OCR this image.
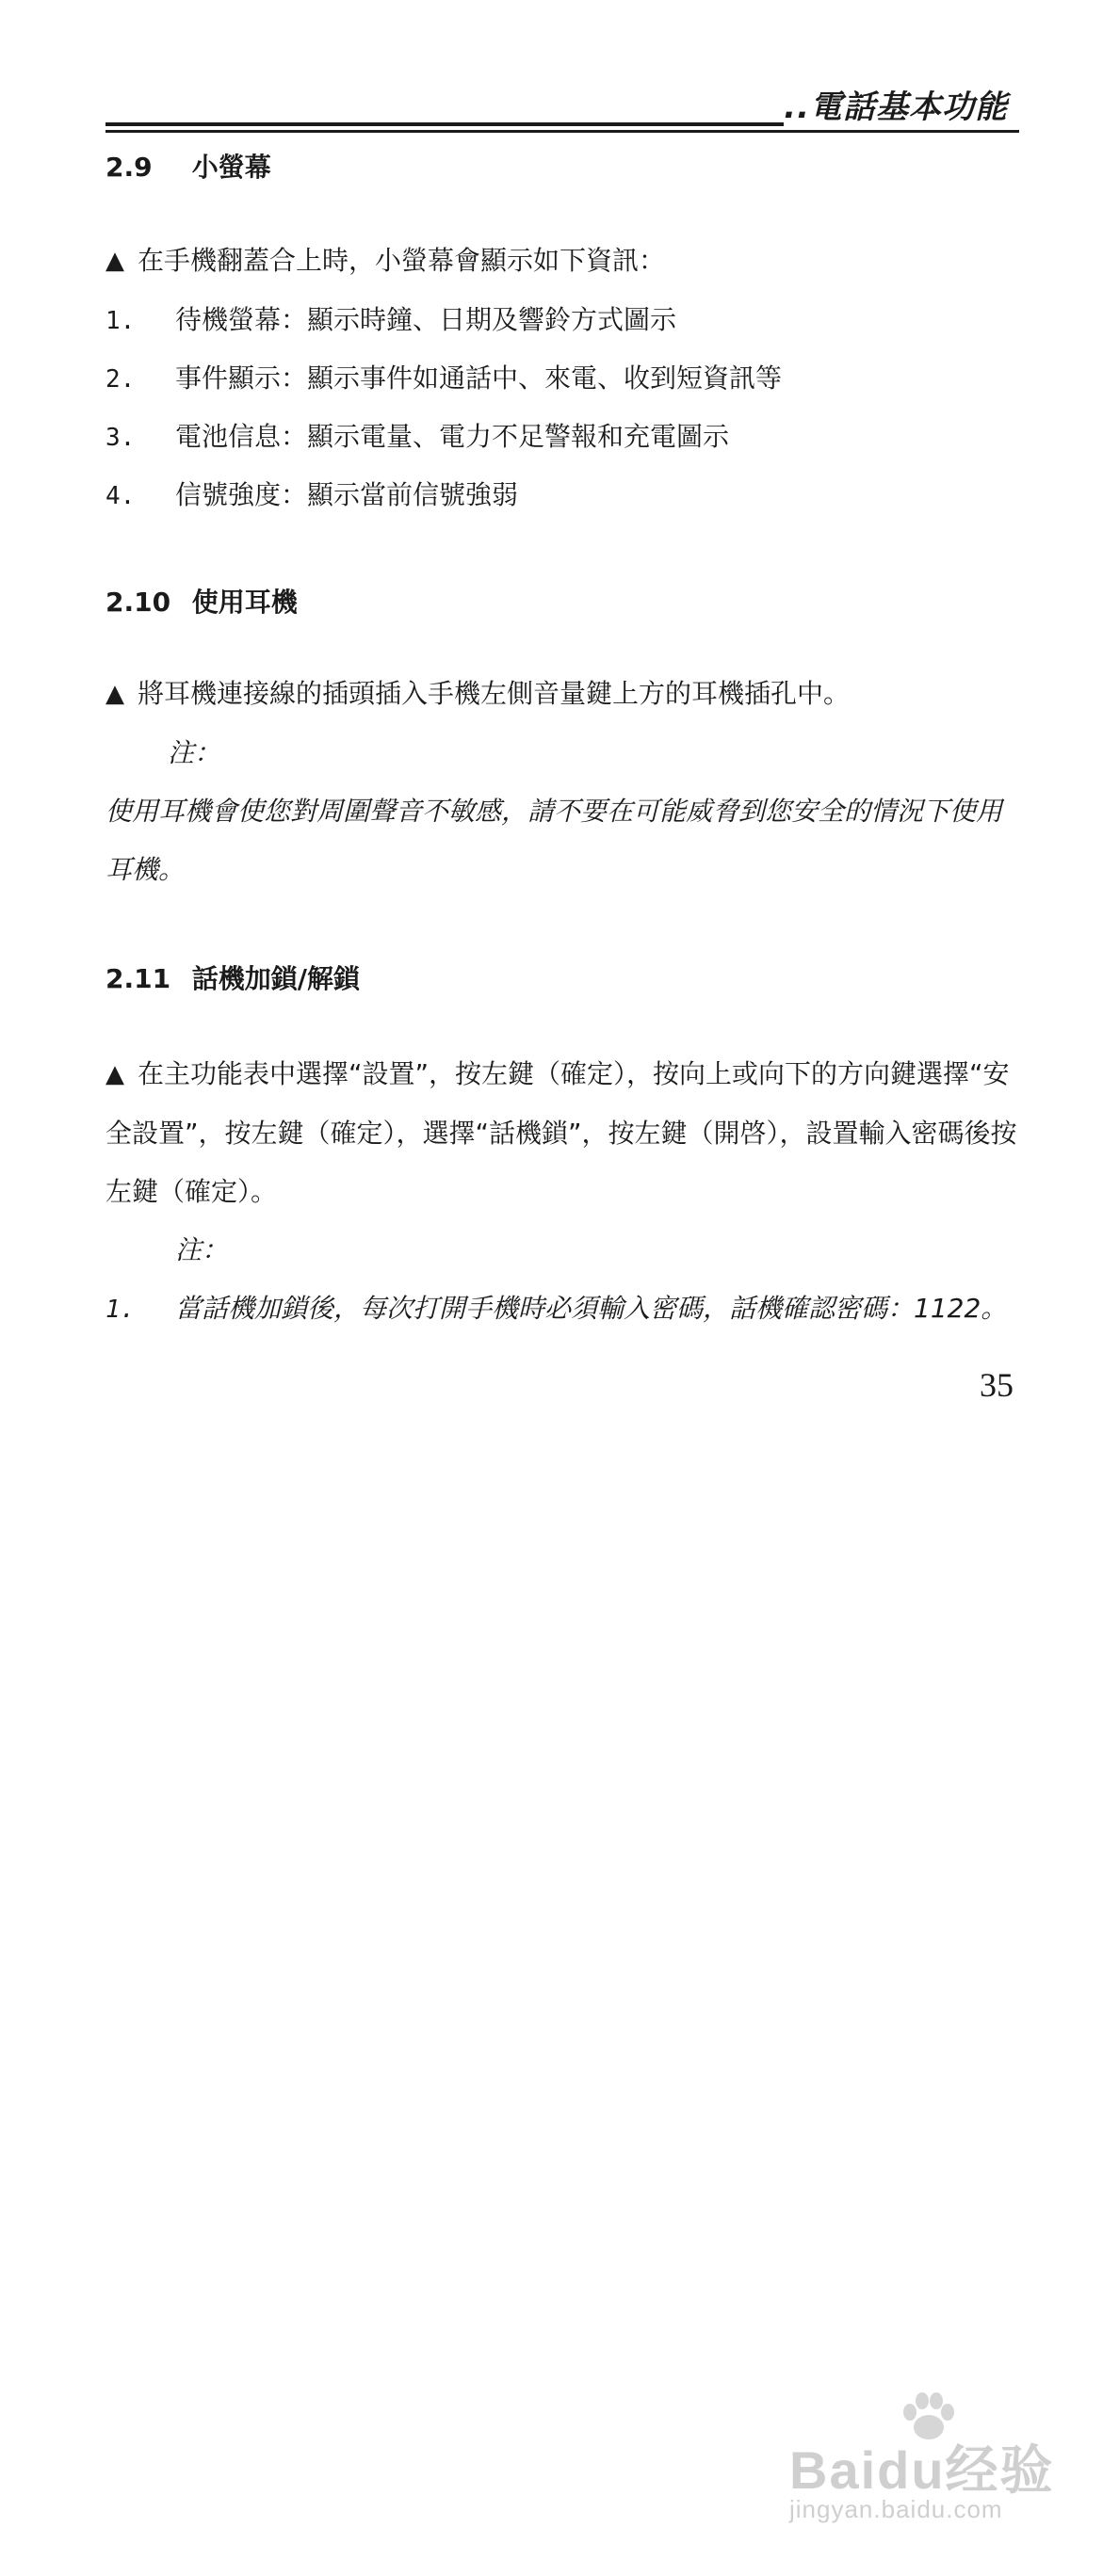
..電話基本功能
2.9 小螢幕
▲ 在手機翻蓋合上時，小螢幕會顯示如下資訊：
1. 待機螢幕：顯示時鐘、日期及響鈴方式圖示
2. 事件顯示：顯示事件如通話中、來電、收到短資訊等
3. 電池信息：顯示電量、電力不足警報和充電圖示
4. 信號強度：顯示當前信號強弱
2.10 使用耳機
▲ 將耳機連接線的插頭插入手機左側音量鍵上方的耳機插孔中。
注：
使用耳機會使您對周圍聲音不敏感，請不要在可能威脅到您安全的情況下使用耳機。
2.11 話機加鎖/解鎖
▲ 在主功能表中選擇“設置”，按左鍵（確定），按向上或向下的方向鍵選擇“安全設置”，按左鍵（確定），選擇“話機鎖”，按左鍵（開啓），設置輸入密碼後按左鍵（確定）。
注：
1. 當話機加鎖後，每次打開手機時必須輸入密碼，話機確認密碼：1122。
35
Baidu经验
jingyan.baidu.com
